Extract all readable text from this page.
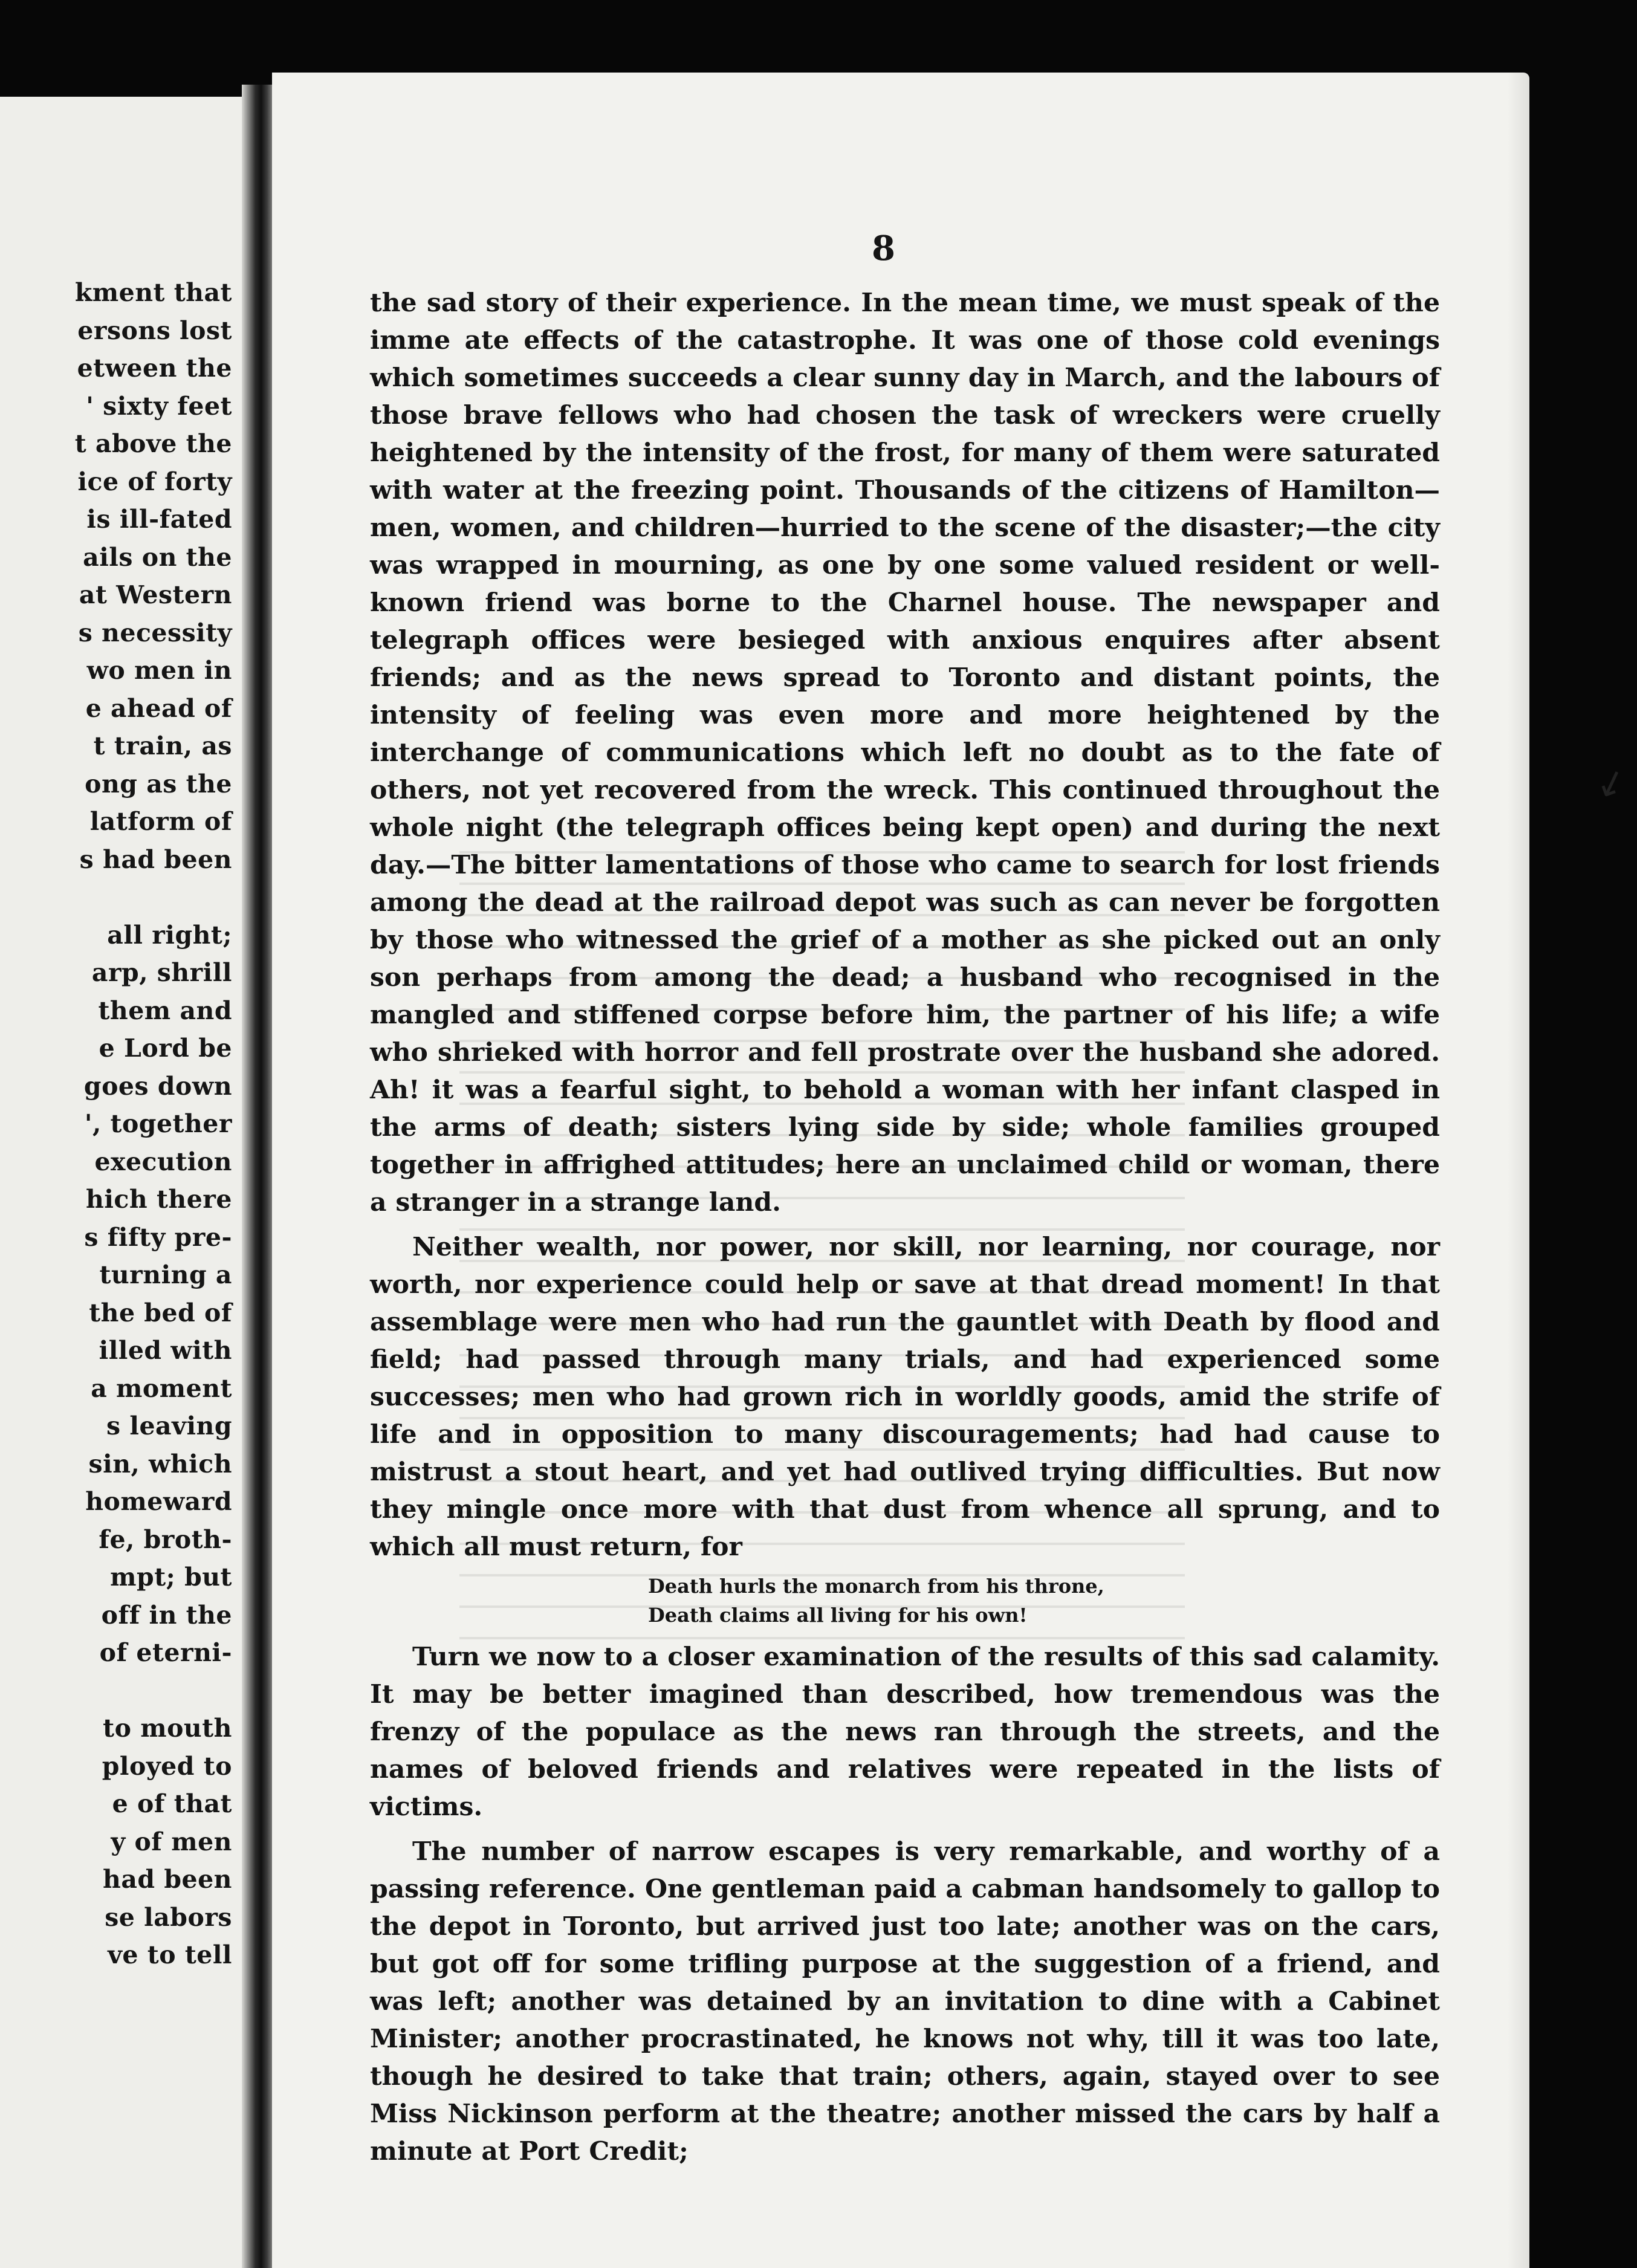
kment that
ersons lost
etween the
' sixty feet
t above the
ice of forty
is ill-fated
ails on the
at Western
s necessity
wo men in
e ahead of
t train, as
ong as the
latform of
s had been
all right;
arp, shrill
them and
e Lord be
goes down
', together
execution
hich there
s fifty pre-
turning a
the bed of
illed with
a moment
s leaving
sin, which
homeward
fe, broth-
mpt; but
off in the
of eterni-
to mouth
ployed to
e of that
y of men
had been
se labors
ve to tell
8

the sad story of their experience. In the mean time, we must speak of the imme ate effects of the catastrophe. It was one of those cold evenings which sometimes succeeds a clear sunny day in March, and the labours of those brave fellows who had chosen the task of wreckers were cruelly heightened by the intensity of the frost, for many of them were saturated with water at the freezing point. Thousands of the citizens of Hamilton—men, women, and children—hurried to the scene of the disaster;—the city was wrapped in mourning, as one by one some valued resident or well-known friend was borne to the Charnel house. The newspaper and telegraph offices were besieged with anxious enquires after absent friends; and as the news spread to Toronto and distant points, the intensity of feeling was even more and more heightened by the interchange of communications which left no doubt as to the fate of others, not yet recovered from the wreck. This continued throughout the whole night (the telegraph offices being kept open) and during the next day.—The bitter lamentations of those who came to search for lost friends among the dead at the railroad depot was such as can never be forgotten by those who witnessed the grief of a mother as she picked out an only son perhaps from among the dead; a husband who recognised in the mangled and stiffened corpse before him, the partner of his life; a wife who shrieked with horror and fell prostrate over the husband she adored. Ah! it was a fearful sight, to behold a woman with her infant clasped in the arms of death; sisters lying side by side; whole families grouped together in affrighed attitudes; here an unclaimed child or woman, there a stranger in a strange land.

Neither wealth, nor power, nor skill, nor learning, nor courage, nor worth, nor experience could help or save at that dread moment! In that assemblage were men who had run the gauntlet with Death by flood and field; had passed through many trials, and had experienced some successes; men who had grown rich in worldly goods, amid the strife of life and in opposition to many discouragements; had had cause to mistrust a stout heart, and yet had outlived trying difficulties. But now they mingle once more with that dust from whence all sprung, and to which all must return, for

Death hurls the monarch from his throne,
Death claims all living for his own!

Turn we now to a closer examination of the results of this sad calamity. It may be better imagined than described, how tremendous was the frenzy of the populace as the news ran through the streets, and the names of beloved friends and relatives were repeated in the lists of victims.

The number of narrow escapes is very remarkable, and worthy of a passing reference. One gentleman paid a cabman handsomely to gallop to the depot in Toronto, but arrived just too late; another was on the cars, but got off for some trifling purpose at the suggestion of a friend, and was left; another was detained by an invitation to dine with a Cabinet Minister; another procrastinated, he knows not why, till it was too late, though he desired to take that train; others, again, stayed over to see Miss Nickinson perform at the theatre; another missed the cars by half a minute at Port Credit;

↙
